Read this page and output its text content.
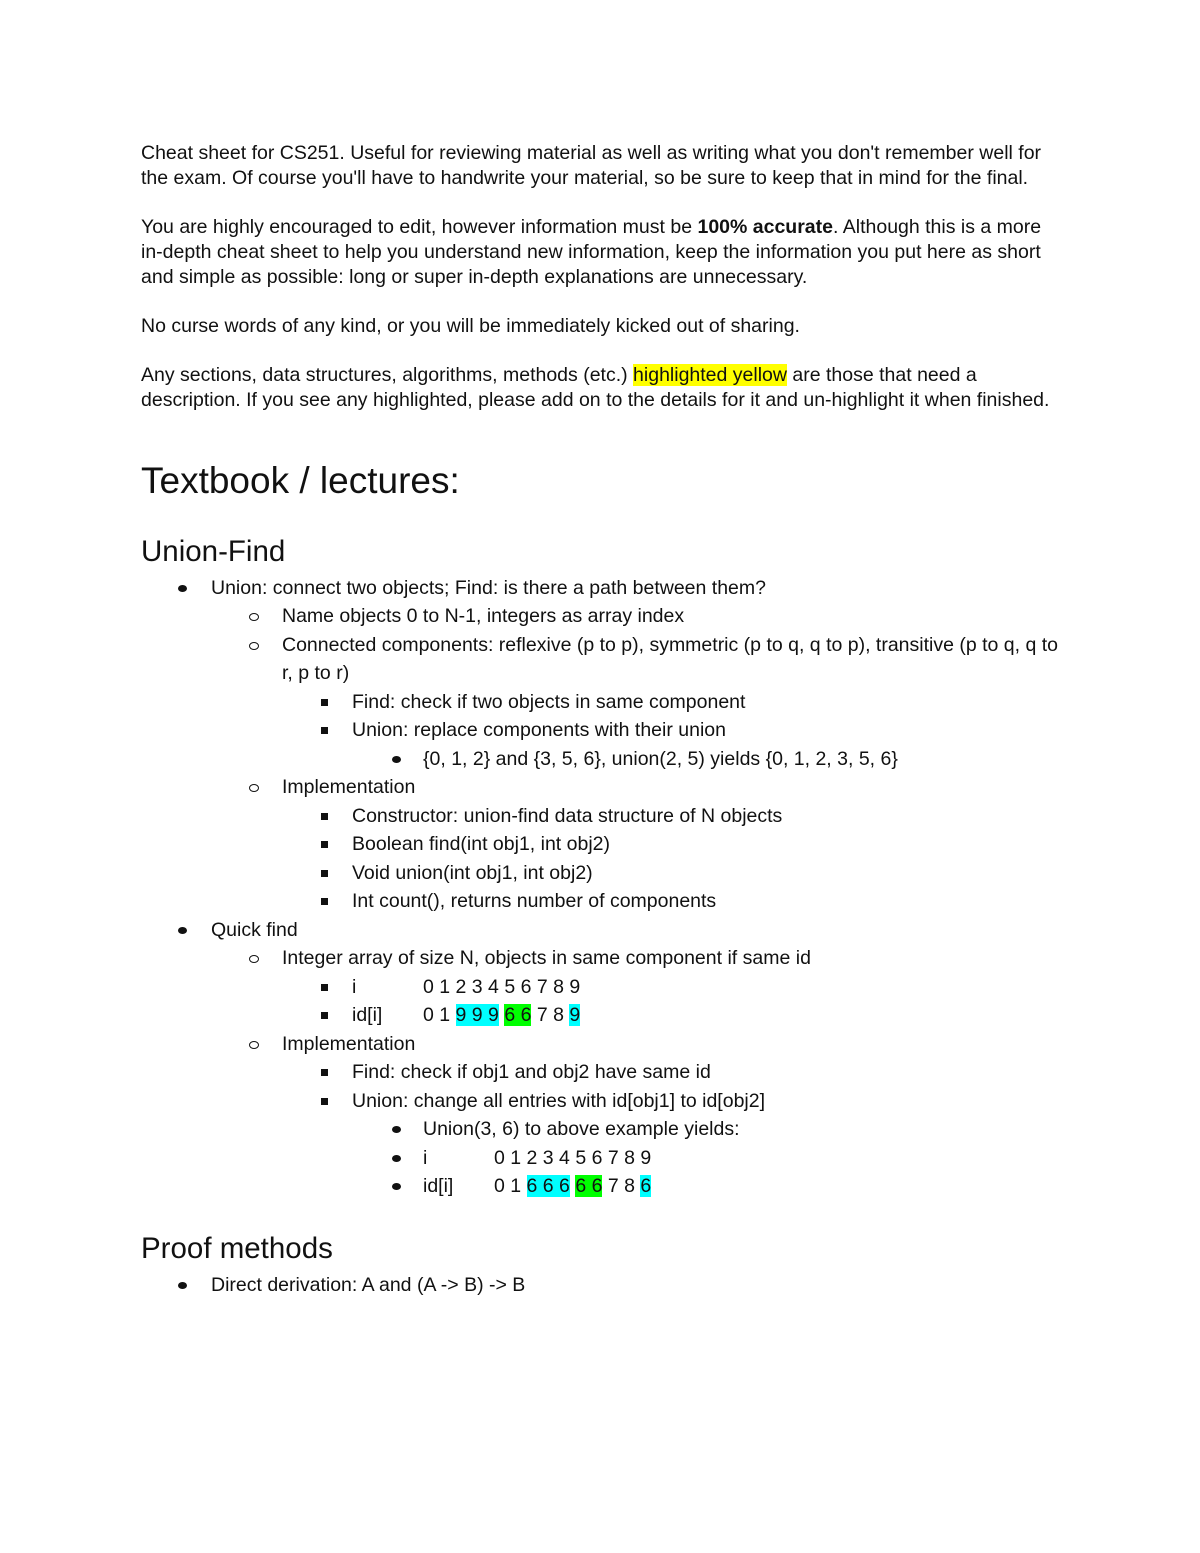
Cheat sheet for CS251. Useful for reviewing material as well as writing what you don't remember well for the exam. Of course you'll have to handwrite your material, so be sure to keep that in mind for the final.

You are highly encouraged to edit, however information must be 100% accurate. Although this is a more in-depth cheat sheet to help you understand new information, keep the information you put here as short and simple as possible: long or super in-depth explanations are unnecessary.

No curse words of any kind, or you will be immediately kicked out of sharing.

Any sections, data structures, algorithms, methods (etc.) highlighted yellow are those that need a description. If you see any highlighted, please add on to the details for it and un-highlight it when finished.

Textbook / lectures:
Union-Find
Union: connect two objects; Find: is there a path between them?
Name objects 0 to N-1, integers as array index
Connected components: reflexive (p to p), symmetric (p to q, q to p), transitive (p to q, q to r, p to r)
Find: check if two objects in same component
Union: replace components with their union
{0, 1, 2} and {3, 5, 6}, union(2, 5) yields {0, 1, 2, 3, 5, 6}
Implementation
Constructor: union-find data structure of N objects
Boolean find(int obj1, int obj2)
Void union(int obj1, int obj2)
Int count(), returns number of components
Quick find
Integer array of size N, objects in same component if same id
i	0 1 2 3 4 5 6 7 8 9
id[i] 0 1 9 9 9 6 6 7 8 9
Implementation
Find: check if obj1 and obj2 have same id
Union: change all entries with id[obj1] to id[obj2]
Union(3, 6) to above example yields:
i	0 1 2 3 4 5 6 7 8 9
id[i] 0 1 6 6 6 6 6 7 8 6
Proof methods
Direct derivation: A and (A -> B) -> B
